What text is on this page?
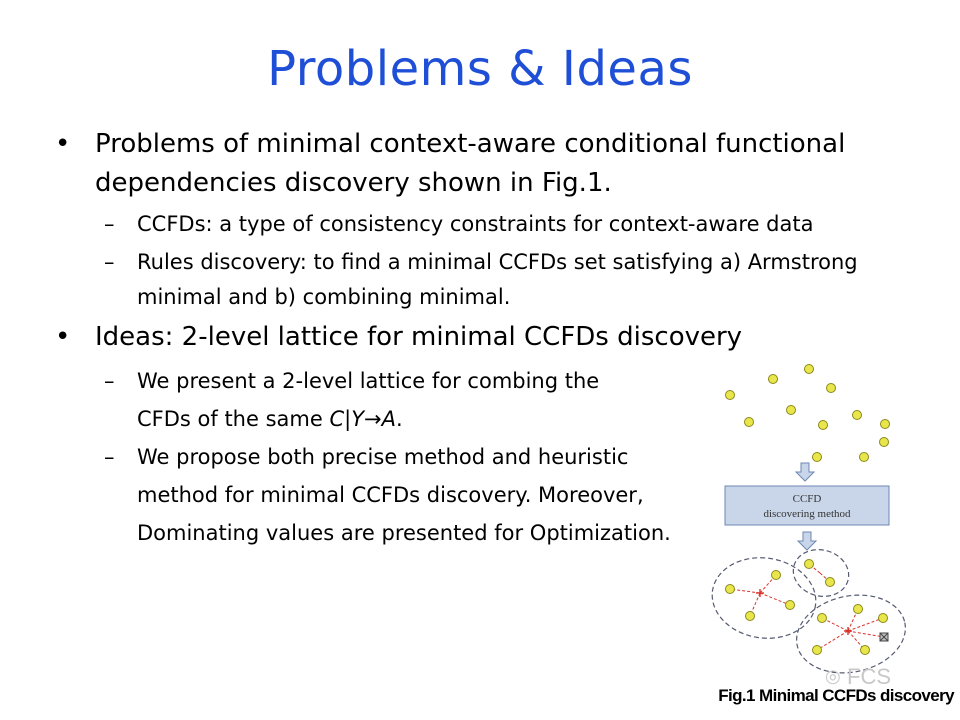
Problems & Ideas
• Problems of minimal context-aware conditional functional
dependencies discovery shown in Fig.1.
– CCFDs: a type of consistency constraints for context-aware data
– Rules discovery: to find a minimal CCFDs set satisfying a) Armstrong
minimal and b) combining minimal.
• Ideas: 2-level lattice for minimal CCFDs discovery
– We present a 2-level lattice for combing the
CFDs of the same C|Y→A.
– We propose both precise method and heuristic
method for minimal CCFDs discovery. Moreover,
Dominating values are presented for Optimization.
CCFD
discovering method
◎ FCS
Fig.1 Minimal CCFDs discovery
